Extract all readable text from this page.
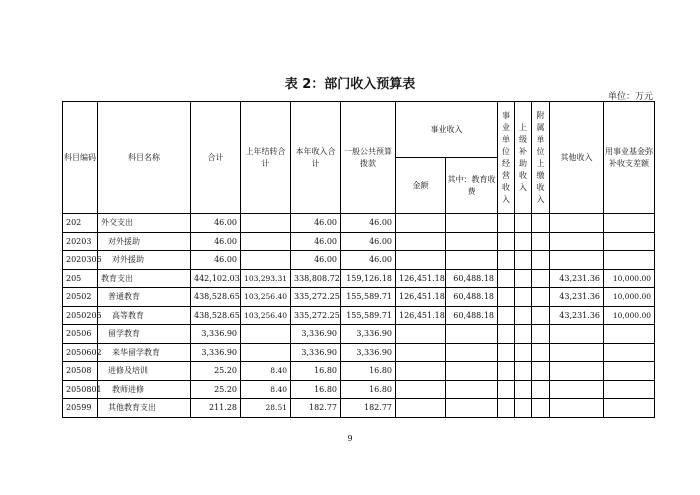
表 2：部门收入预算表
单位：万元
科目编码	科目名称	合计	上年结转合计	本年收入合计	一般公共预算拨款	事业收入		事业单位经营收入	上级补助收入	附属单位上缴收入	其他收入	用事业基金弥补收支差额
						金额	其中：教育收费					
202	外交支出	46.00		46.00	46.00							
20203	对外援助	46.00		46.00	46.00							
2020306	对外援助	46.00		46.00	46.00							
205	教育支出	442,102.03	103,293.31	338,808.72	159,126.18	126,451.18	60,488.18				43,231.36	10,000.00
20502	普通教育	438,528.65	103,256.40	335,272.25	155,589.71	126,451.18	60,488.18				43,231.36	10,000.00
2050205	高等教育	438,528.65	103,256.40	335,272.25	155,589.71	126,451.18	60,488.18				43,231.36	10,000.00
20506	留学教育	3,336.90		3,336.90	3,336.90							
2050602	来华留学教育	3,336.90		3,336.90	3,336.90							
20508	进修及培训	25.20	8.40	16.80	16.80							
2050801	教师进修	25.20	8.40	16.80	16.80							
20599	其他教育支出	211.28	28.51	182.77	182.77							
9
